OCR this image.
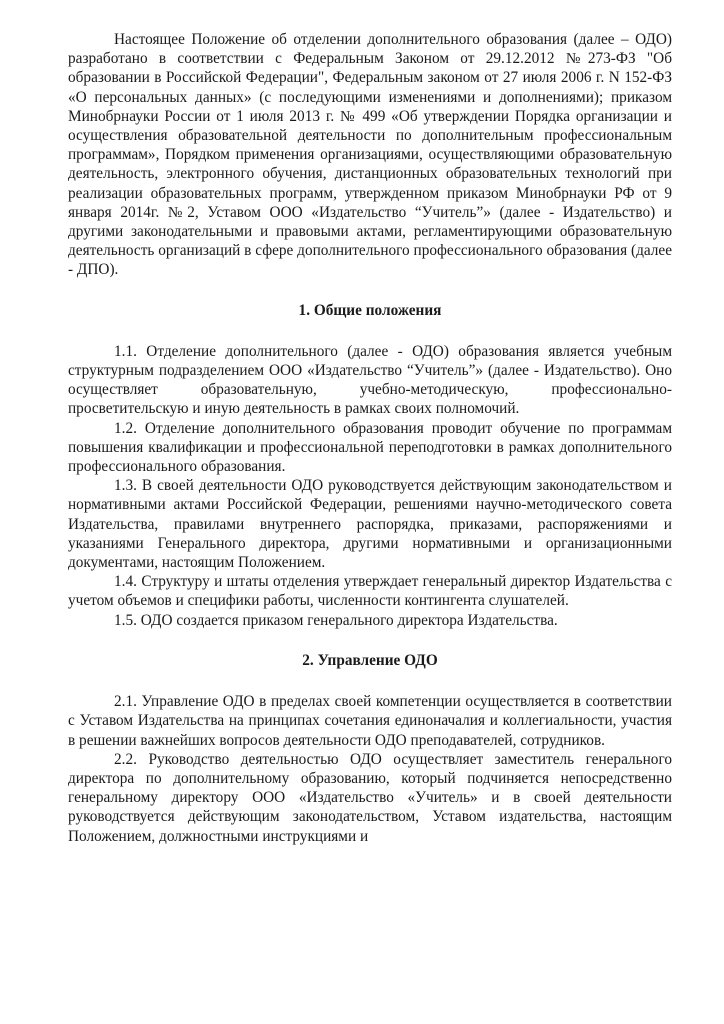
Настоящее Положение об отделении дополнительного образования (далее – ОДО) разработано в соответствии с Федеральным Законом от 29.12.2012 №273-ФЗ "Об образовании в Российской Федерации", Федеральным законом от 27 июля 2006 г. N 152-ФЗ «О персональных данных» (с последующими изменениями и дополнениями); приказом Минобрнауки России от 1 июля 2013 г. № 499 «Об утверждении Порядка организации и осуществления образовательной деятельности по дополнительным профессиональным программам», Порядком применения организациями, осуществляющими образовательную деятельность, электронного обучения, дистанционных образовательных технологий при реализации образовательных программ, утвержденном приказом Минобрнауки РФ от 9 января 2014г. №2, Уставом ООО «Издательство “Учитель”» (далее - Издательство) и другими законодательными и правовыми актами, регламентирующими образовательную деятельность организаций в сфере дополнительного профессионального образования (далее - ДПО).

1. Общие положения

1.1. Отделение дополнительного (далее - ОДО) образования является учебным структурным подразделением ООО «Издательство “Учитель”» (далее - Издательство). Оно осуществляет образовательную, учебно-методическую, профессионально-просветительскую и иную деятельность в рамках своих полномочий.

1.2. Отделение дополнительного образования проводит обучение по программам повышения квалификации и профессиональной переподготовки в рамках дополнительного профессионального образования.

1.3. В своей деятельности ОДО руководствуется действующим законодательством и нормативными актами Российской Федерации, решениями научно-методического совета Издательства, правилами внутреннего распорядка, приказами, распоряжениями и указаниями Генерального директора, другими нормативными и организационными документами, настоящим Положением.

1.4. Структуру и штаты отделения утверждает генеральный директор Издательства с учетом объемов и специфики работы, численности контингента слушателей.

1.5. ОДО создается приказом генерального директора Издательства.

2. Управление ОДО

2.1. Управление ОДО в пределах своей компетенции осуществляется в соответствии с Уставом Издательства на принципах сочетания единоначалия и коллегиальности, участия в решении важнейших вопросов деятельности ОДО преподавателей, сотрудников.

2.2. Руководство деятельностью ОДО осуществляет заместитель генерального директора по дополнительному образованию, который подчиняется непосредственно генеральному директору ООО «Издательство «Учитель» и в своей деятельности руководствуется действующим законодательством, Уставом издательства, настоящим Положением, должностными инструкциями и
